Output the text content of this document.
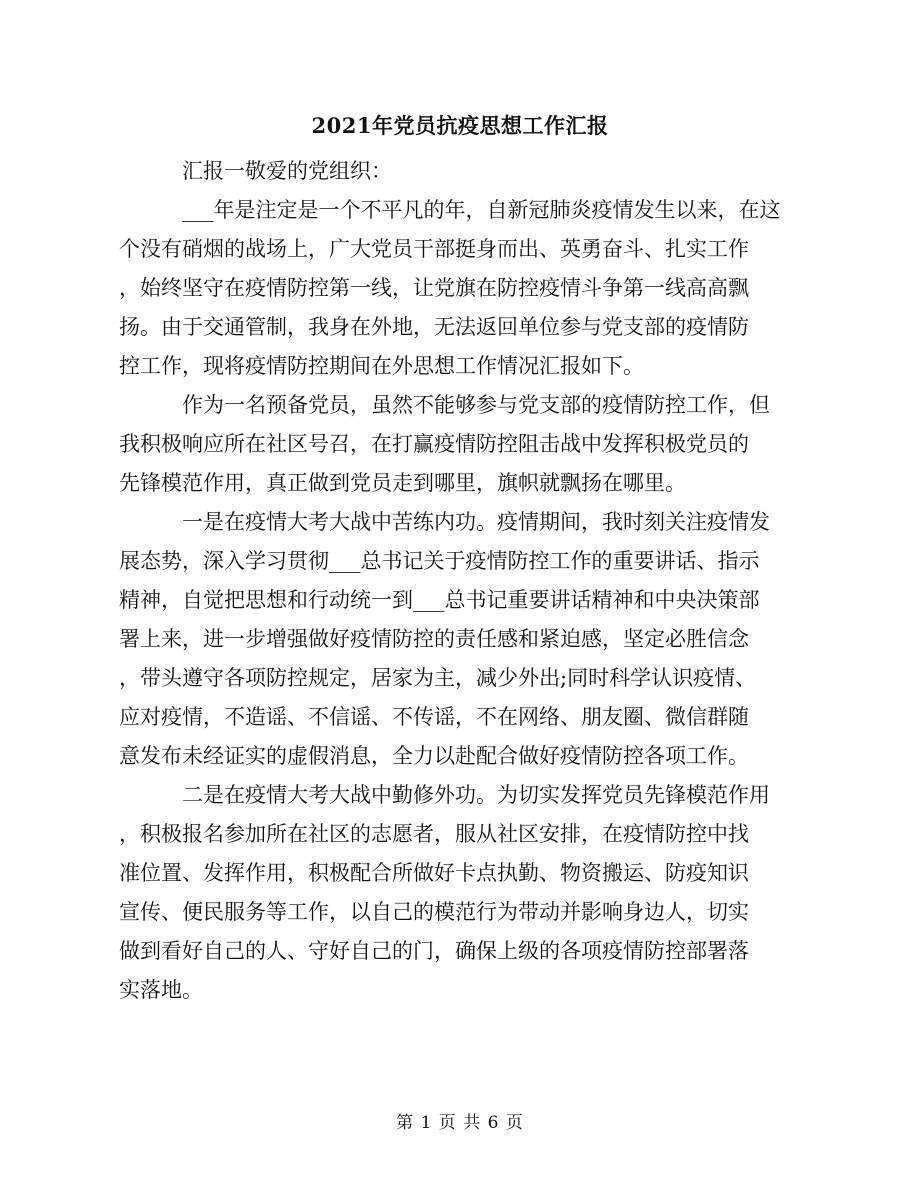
2021年党员抗疫思想工作汇报

汇报一敬爱的党组织：

___年是注定是一个不平凡的年，自新冠肺炎疫情发生以来，在这
个没有硝烟的战场上，广大党员干部挺身而出、英勇奋斗、扎实工作
，始终坚守在疫情防控第一线，让党旗在防控疫情斗争第一线高高飘
扬。由于交通管制，我身在外地，无法返回单位参与党支部的疫情防
控工作，现将疫情防控期间在外思想工作情况汇报如下。

作为一名预备党员，虽然不能够参与党支部的疫情防控工作，但
我积极响应所在社区号召，在打赢疫情防控阻击战中发挥积极党员的
先锋模范作用，真正做到党员走到哪里，旗帜就飘扬在哪里。

一是在疫情大考大战中苦练内功。疫情期间，我时刻关注疫情发
展态势，深入学习贯彻___总书记关于疫情防控工作的重要讲话、指示
精神，自觉把思想和行动统一到___总书记重要讲话精神和中央决策部
署上来，进一步增强做好疫情防控的责任感和紧迫感，坚定必胜信念
，带头遵守各项防控规定，居家为主，减少外出;同时科学认识疫情、
应对疫情，不造谣、不信谣、不传谣，不在网络、朋友圈、微信群随
意发布未经证实的虚假消息，全力以赴配合做好疫情防控各项工作。

二是在疫情大考大战中勤修外功。为切实发挥党员先锋模范作用
，积极报名参加所在社区的志愿者，服从社区安排，在疫情防控中找
准位置、发挥作用，积极配合所做好卡点执勤、物资搬运、防疫知识
宣传、便民服务等工作，以自己的模范行为带动并影响身边人，切实
做到看好自己的人、守好自己的门，确保上级的各项疫情防控部署落
实落地。

第 1 页 共 6 页
